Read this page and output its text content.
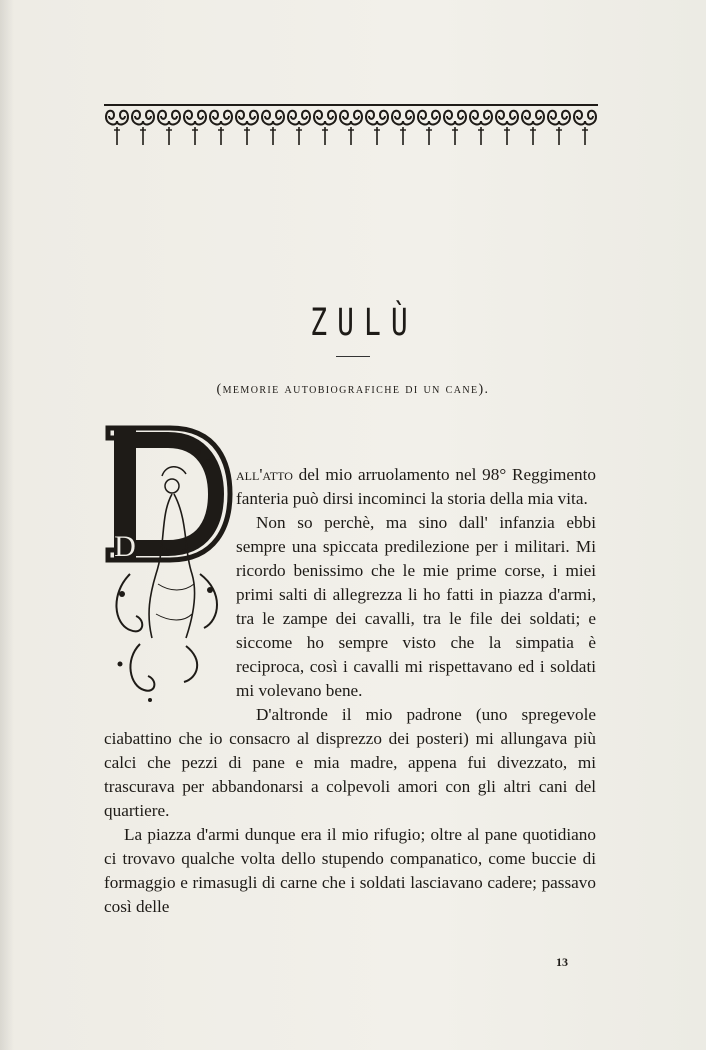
ZULÙ
(memorie autobiografiche di un cane).
D

all'atto del mio arruolamento nel 98° Reggimento fanteria può dirsi incominci la storia della mia vita.

Non so perchè, ma sino dall' infanzia ebbi sempre una spiccata predilezione per i militari. Mi ricordo benissimo che le mie prime corse, i miei primi salti di allegrezza li ho fatti in piazza d'armi, tra le zampe dei cavalli, tra le file dei soldati; e siccome ho sempre visto che la simpatia è reciproca, così i cavalli mi rispettavano ed i soldati mi volevano bene.

D'altronde il mio padrone (uno spregevole ciabattino che io consacro al disprezzo dei posteri) mi allungava più calci che pezzi di pane e mia madre, appena fui divezzato, mi trascurava per abbandonarsi a colpevoli amori con gli altri cani del quartiere.

La piazza d'armi dunque era il mio rifugio; oltre al pane quotidiano ci trovavo qualche volta dello stupendo companatico, come buccie di formaggio e rimasugli di carne che i soldati lasciavano cadere; passavo così delle

13
